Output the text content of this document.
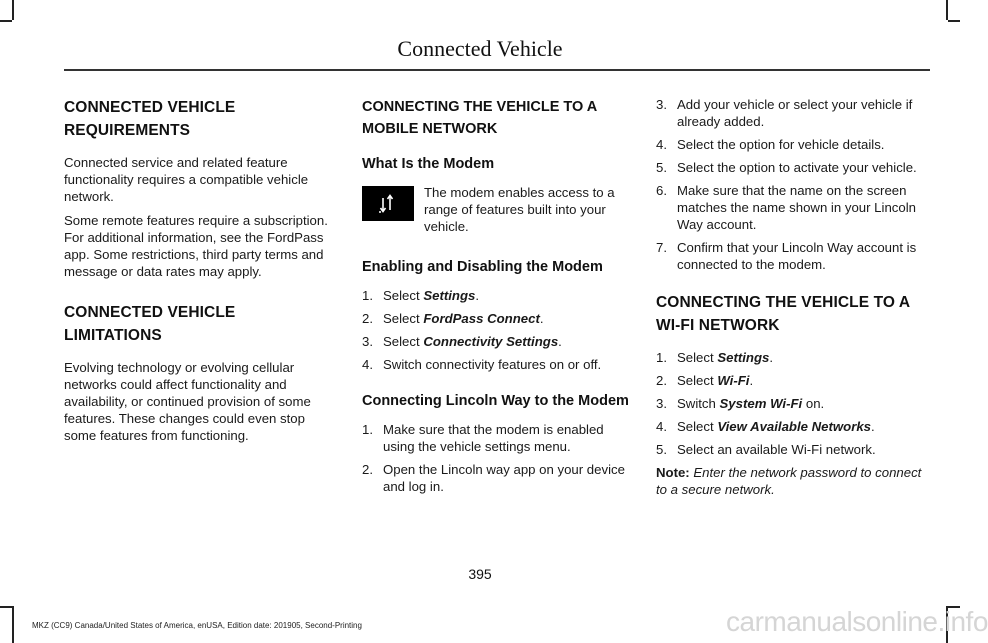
Connected Vehicle
CONNECTED VEHICLE
REQUIREMENTS

Connected service and related feature functionality requires a compatible vehicle network.

Some remote features require a subscription. For additional information, see the FordPass app. Some restrictions, third party terms and message or data rates may apply.

CONNECTED VEHICLE
LIMITATIONS

Evolving technology or evolving cellular networks could affect functionality and availability, or continued provision of some features. These changes could even stop some features from functioning.

CONNECTING THE VEHICLE TO A
MOBILE NETWORK
What Is the Modem
The modem enables access to a range of features built into your vehicle.
Enabling and Disabling the Modem
1. Select Settings.
2. Select FordPass Connect.
3. Select Connectivity Settings.
4. Switch connectivity features on or off.
Connecting Lincoln Way to the Modem
1. Make sure that the modem is enabled using the vehicle settings menu.
2. Open the Lincoln way app on your device and log in.
3. Add your vehicle or select your vehicle if already added.
4. Select the option for vehicle details.
5. Select the option to activate your vehicle.
6. Make sure that the name on the screen matches the name shown in your Lincoln Way account.
7. Confirm that your Lincoln Way account is connected to the modem.
CONNECTING THE VEHICLE TO A
WI-FI NETWORK
1. Select Settings.
2. Select Wi-Fi.
3. Switch System Wi-Fi on.
4. Select View Available Networks.
5. Select an available Wi-Fi network.
Note: Enter the network password to connect to a secure network.
395
MKZ (CC9) Canada/United States of America, enUSA, Edition date: 201905, Second-Printing	carmanualsonline.info
